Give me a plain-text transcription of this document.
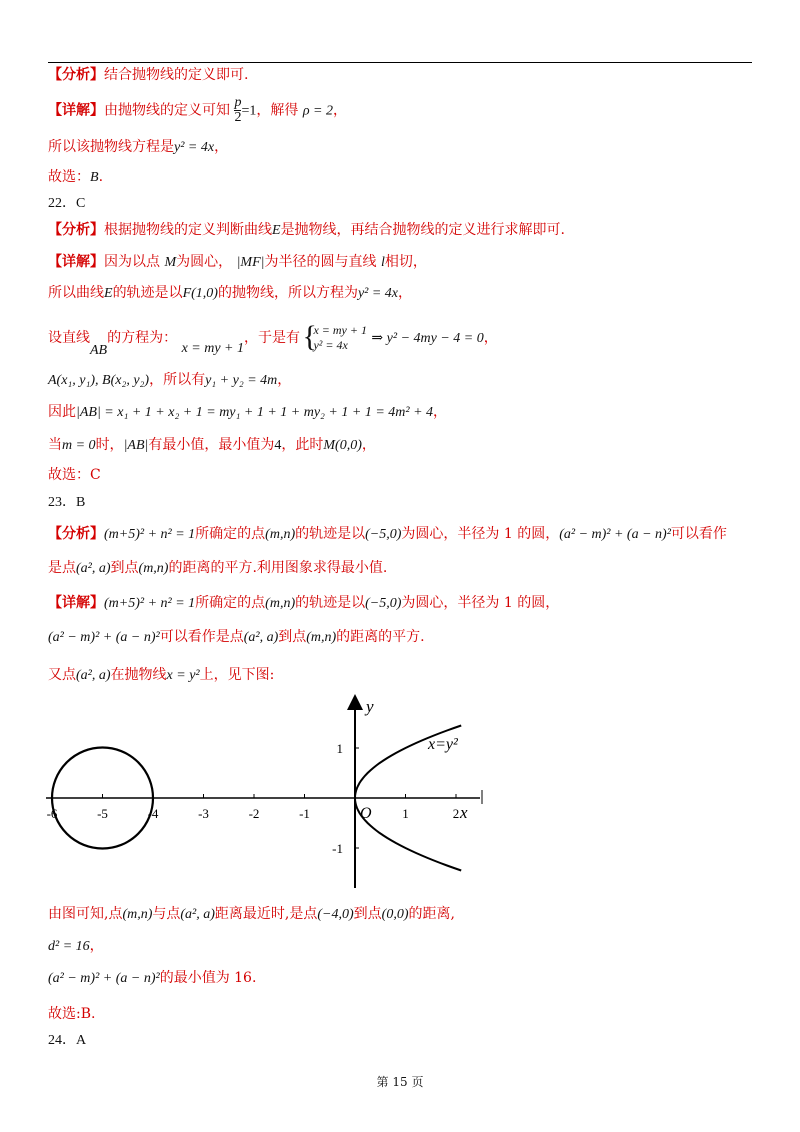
【分析】结合抛物线的定义即可.
【详解】由抛物线的定义可知 $\frac{p}{2} =1$，解得 ρ = 2，
所以该抛物线方程是y² = 4x，
故选：B.
22．C
【分析】根据抛物线的定义判断曲线E是抛物线，再结合抛物线的定义进行求解即可.
【详解】因为以点 M为圆心， |MF|为半径的圆与直线 l相切，
所以曲线E的轨迹是以F(1,0)的抛物线，所以方程为y² = 4x，
设直线AB的方程为： x = my + 1，于是有
{ x = my + 1
y² = 4x	⇒ y² − 4my − 4 = 0，
A(x₁, y₁), B(x₂, y₂)，所以有y₁ + y₂ = 4m，
因此|AB| = x₁ + 1 + x₂ + 1 = my₁ + 1 + 1 + my₂ + 1 + 1 = 4m² + 4，
当m = 0时，|AB|有最小值，最小值为4，此时M(0,0)，
故选：C
23．B
【分析】(m+5)² + n² = 1所确定的点(m,n)的轨迹是以(−5,0)为圆心，半径为 1 的圆，(a² − m)² + (a − n)²可以看作
是点(a², a)到点(m,n)的距离的平方.利用图象求得最小值.
【详解】(m+5)² + n² = 1所确定的点(m,n)的轨迹是以(−5,0)为圆心，半径为 1 的圆，
(a² − m)² + (a − n)²可以看作是点(a², a)到点(m,n)的距离的平方.
又点(a², a)在抛物线x = y²上，见下图:
-6	-5	-4	-3	-2	-1	1	2
1
-1
y
x
O
x=y²
由图可知,点(m,n)与点(a², a)距离最近时,是点(−4,0)到点(0,0)的距离,
d² = 16，
(a² − m)² + (a − n)²的最小值为 16.
故选:B.
24．A
第 15 页
